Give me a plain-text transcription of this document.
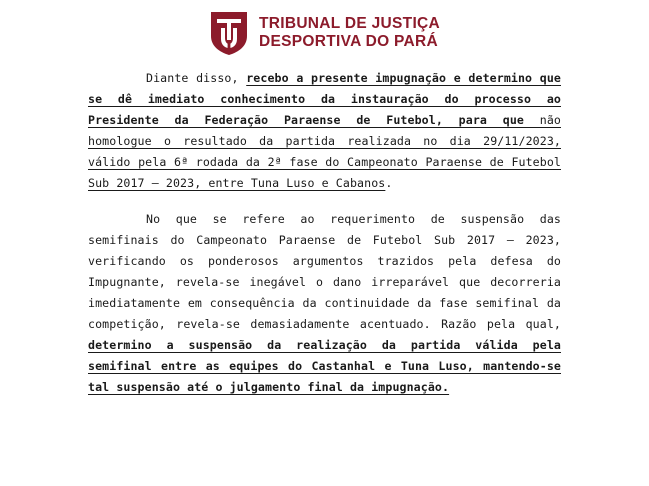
TRIBUNAL DE JUSTIÇA
DESPORTIVA DO PARÁ

Diante disso, recebo a presente impugnação e determino que se dê imediato conhecimento da instauração do processo ao Presidente da Federação Paraense de Futebol, para que não homologue o resultado da partida realizada no dia 29/11/2023, válido pela 6ª rodada da 2ª fase do Campeonato Paraense de Futebol Sub 2017 – 2023, entre Tuna Luso e Cabanos.

No que se refere ao requerimento de suspensão das semifinais do Campeonato Paraense de Futebol Sub 2017 – 2023, verificando os ponderosos argumentos trazidos pela defesa do Impugnante, revela-se inegável o dano irreparável que decorreria imediatamente em consequência da continuidade da fase semifinal da competição, revela-se demasiadamente acentuado. Razão pela qual, determino a suspensão da realização da partida válida pela semifinal entre as equipes do Castanhal e Tuna Luso, mantendo-se tal suspensão até o julgamento final da impugnação.
